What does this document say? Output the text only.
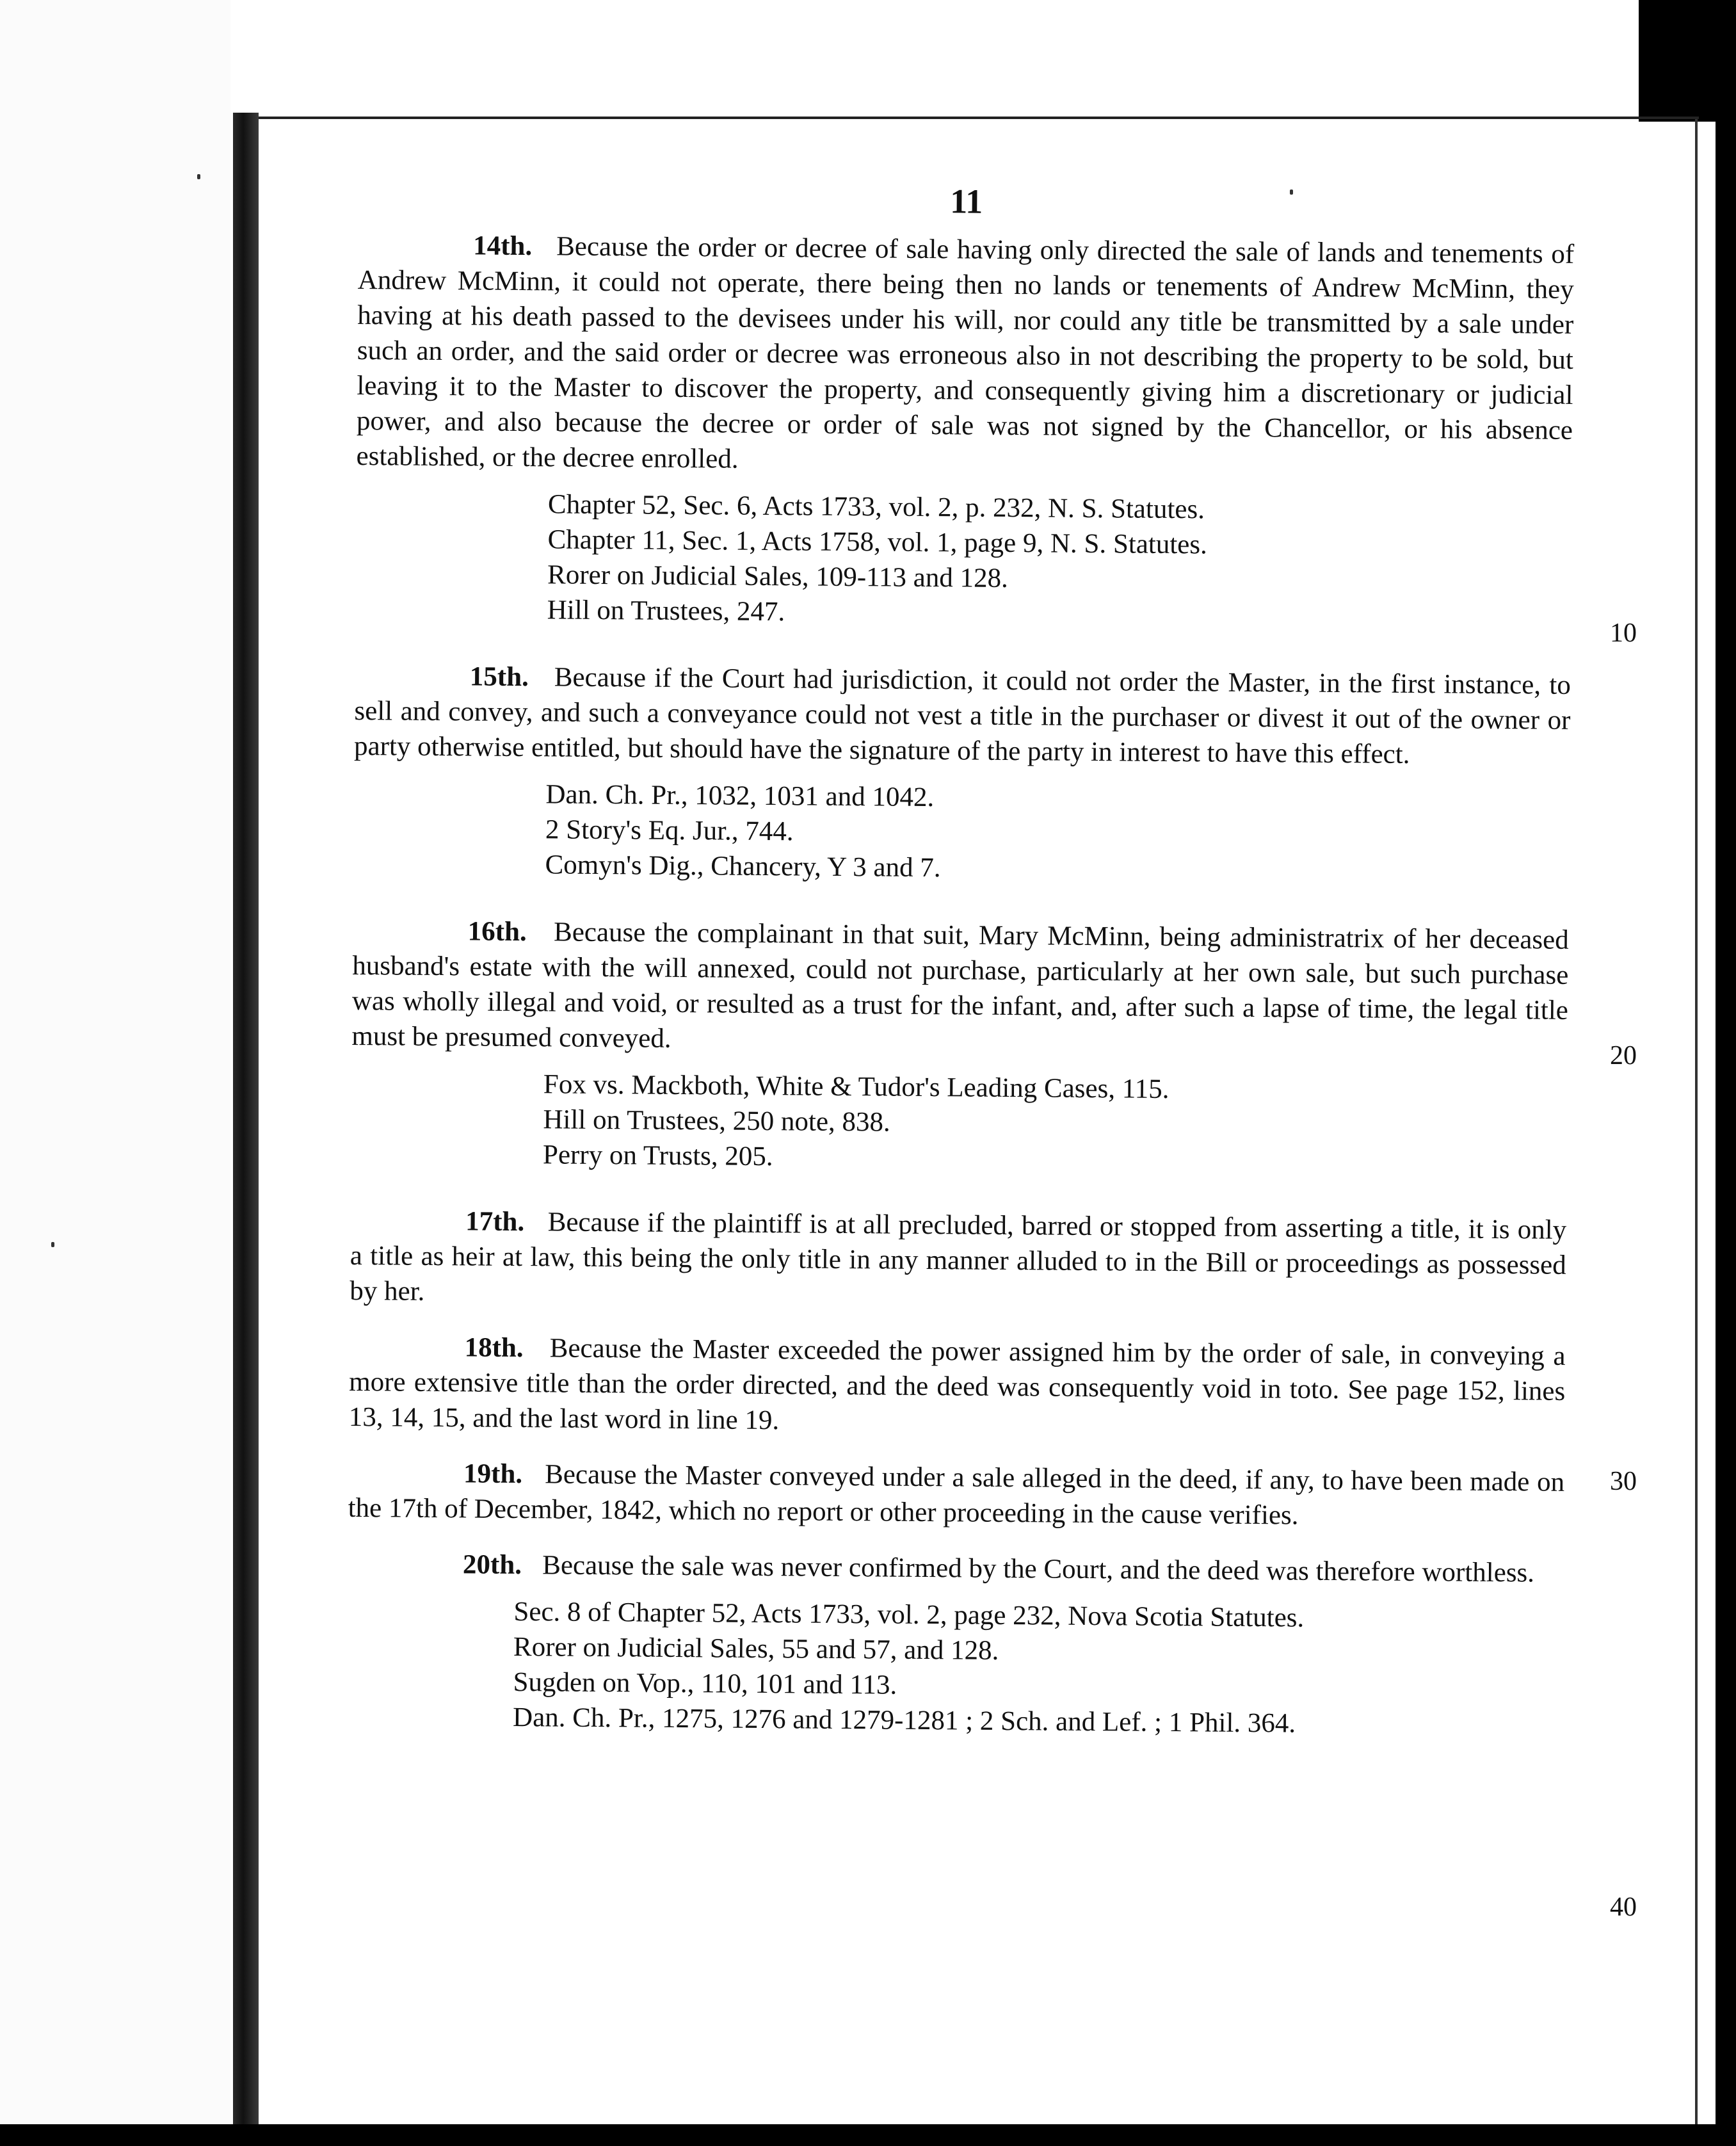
11

14th. Because the order or decree of sale having only directed the sale of lands and tenements of Andrew McMinn, it could not operate, there being then no lands or tenements of Andrew McMinn, they having at his death passed to the devisees under his will, nor could any title be transmitted by a sale under such an order, and the said order or decree was erroneous also in not describing the property to be sold, but leaving it to the Master to discover the property, and consequently giving him a discretionary or judicial power, and also because the decree or order of sale was not signed by the Chancellor, or his absence established, or the decree enrolled.

Chapter 52, Sec. 6, Acts 1733, vol. 2, p. 232, N. S. Statutes.
Chapter 11, Sec. 1, Acts 1758, vol. 1, page 9, N. S. Statutes.
Rorer on Judicial Sales, 109-113 and 128.
Hill on Trustees, 247.

15th. Because if the Court had jurisdiction, it could not order the Master, in the first instance, to sell and convey, and such a conveyance could not vest a title in the purchaser or divest it out of the owner or party otherwise entitled, but should have the signature of the party in interest to have this effect.

Dan. Ch. Pr., 1032, 1031 and 1042.
2 Story's Eq. Jur., 744.
Comyn's Dig., Chancery, Y 3 and 7.

16th. Because the complainant in that suit, Mary McMinn, being administratrix of her deceased husband's estate with the will annexed, could not purchase, particularly at her own sale, but such purchase was wholly illegal and void, or resulted as a trust for the infant, and, after such a lapse of time, the legal title must be presumed conveyed.

Fox vs. Mackboth, White & Tudor's Leading Cases, 115.
Hill on Trustees, 250 note, 838.
Perry on Trusts, 205.

17th. Because if the plaintiff is at all precluded, barred or stopped from asserting a title, it is only a title as heir at law, this being the only title in any manner alluded to in the Bill or proceedings as possessed by her.

18th. Because the Master exceeded the power assigned him by the order of sale, in conveying a more extensive title than the order directed, and the deed was consequently void in toto. See page 152, lines 13, 14, 15, and the last word in line 19.

19th. Because the Master conveyed under a sale alleged in the deed, if any, to have been made on the 17th of December, 1842, which no report or other proceeding in the cause verifies.

20th. Because the sale was never confirmed by the Court, and the deed was therefore worthless.

Sec. 8 of Chapter 52, Acts 1733, vol. 2, page 232, Nova Scotia Statutes.
Rorer on Judicial Sales, 55 and 57, and 128.
Sugden on Vop., 110, 101 and 113.
Dan. Ch. Pr., 1275, 1276 and 1279-1281 ; 2 Sch. and Lef. ; 1 Phil. 364.
10
20
30
40
